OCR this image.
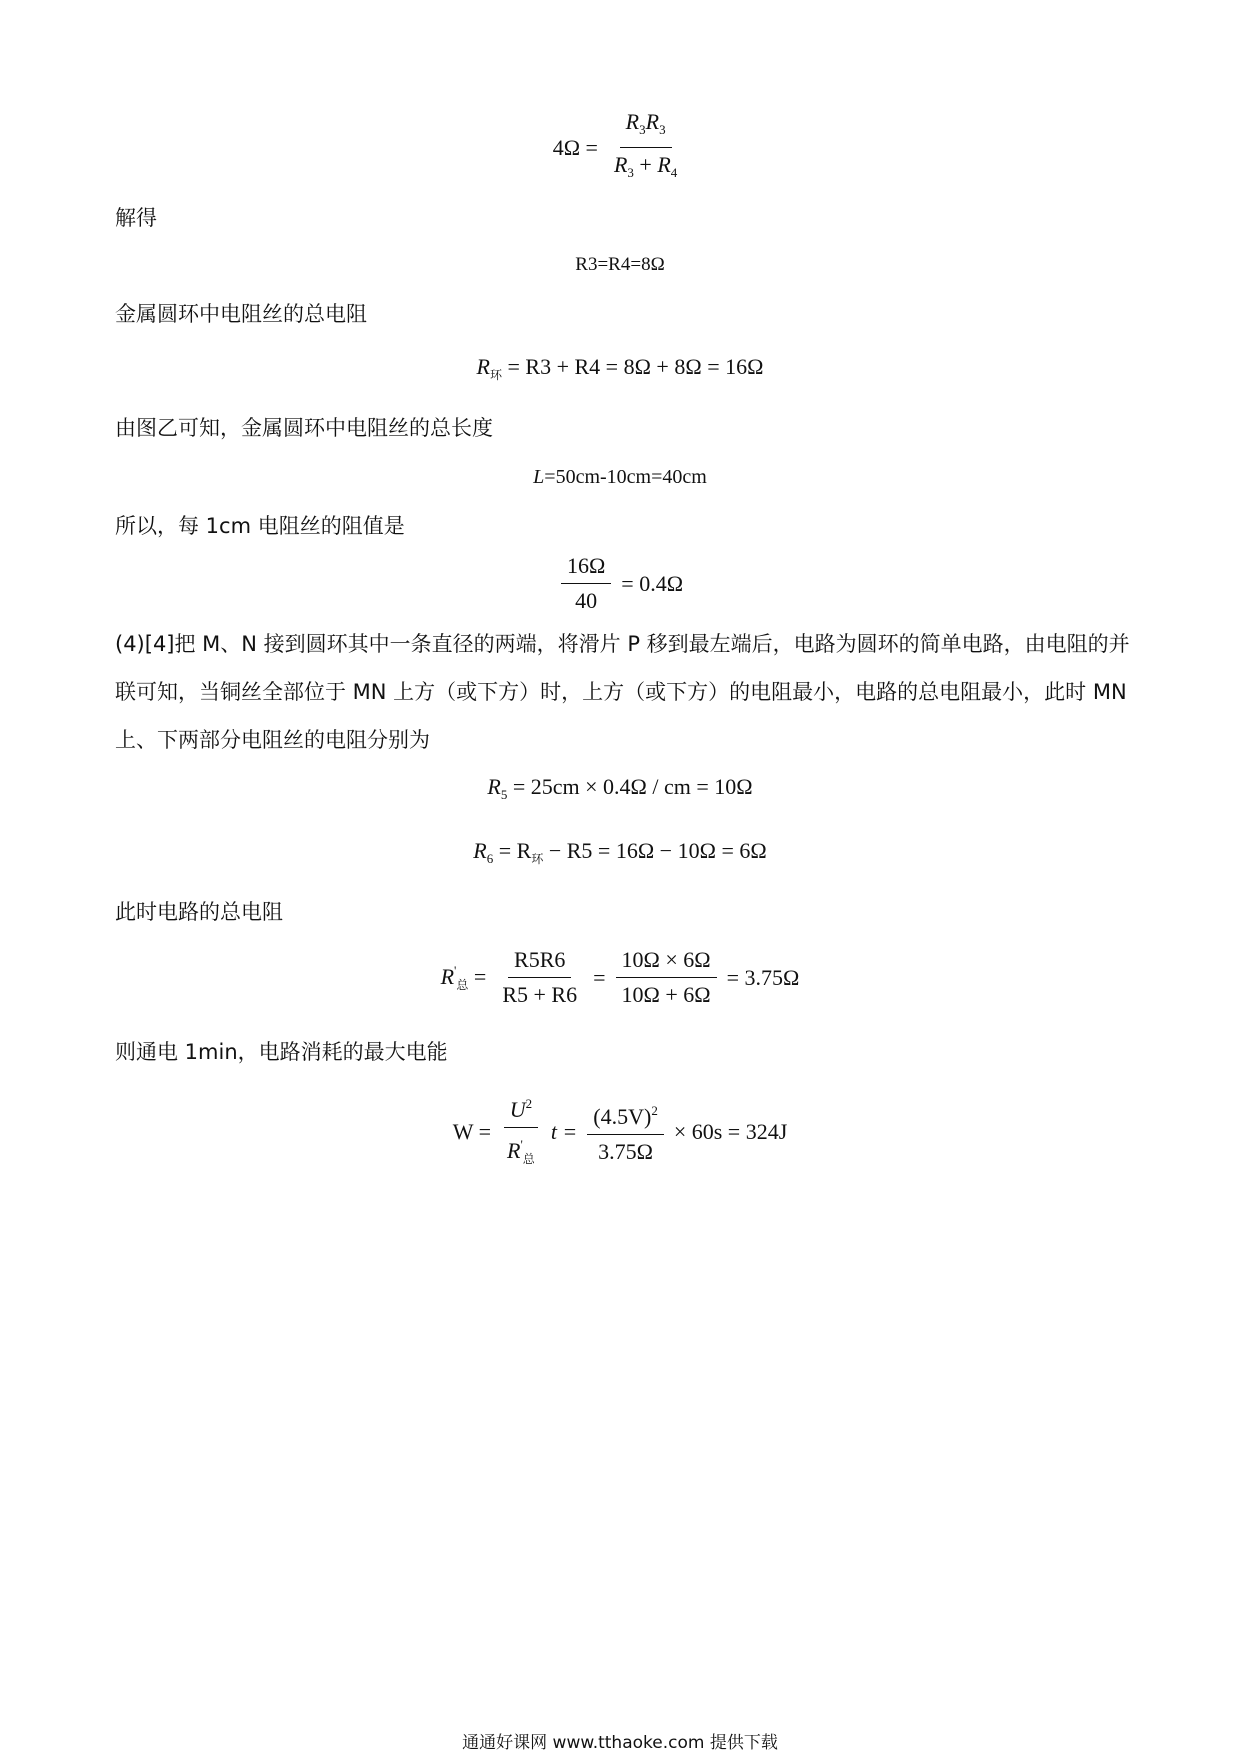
$4\Omega = \frac{R_3R_3}{R_3 + R_4}$
解得
R3=R4=8Ω
金属圆环中电阻丝的总电阻
$R_环 = R3 + R4 = 8\Omega + 8\Omega = 16\Omega$
由图乙可知，金属圆环中电阻丝的总长度
L=50cm-10cm=40cm
所以，每 1cm 电阻丝的阻值是
$\frac{16\Omega}{40} = 0.4\Omega$
(4)[4]把 M、N 接到圆环其中一条直径的两端，将滑片 P 移到最左端后，电路为圆环的简单电路，由电阻的并联可知，当铜丝全部位于 MN 上方（或下方）时，上方（或下方）的电阻最小，电路的总电阻最小，此时 MN 上、下两部分电阻丝的电阻分别为
$R_5 = 25cm \times 0.4\Omega$ / cm = 10Ω
$R_6 = R_环 - R5 = 16\Omega - 10\Omega = 6\Omega$
此时电路的总电阻
$R'_总 = \frac{R5R6}{R5 + R6} = \frac{10\Omega \times 6\Omega}{10\Omega + 6\Omega} = 3.75\Omega$
则通电 1min，电路消耗的最大电能
$W = \frac{U^2}{R'_总}$ $t = \frac{(4.5V)^2}{3.75\Omega} \times 60s = 324J$
通通好课网 www.tthaoke.com 提供下载
